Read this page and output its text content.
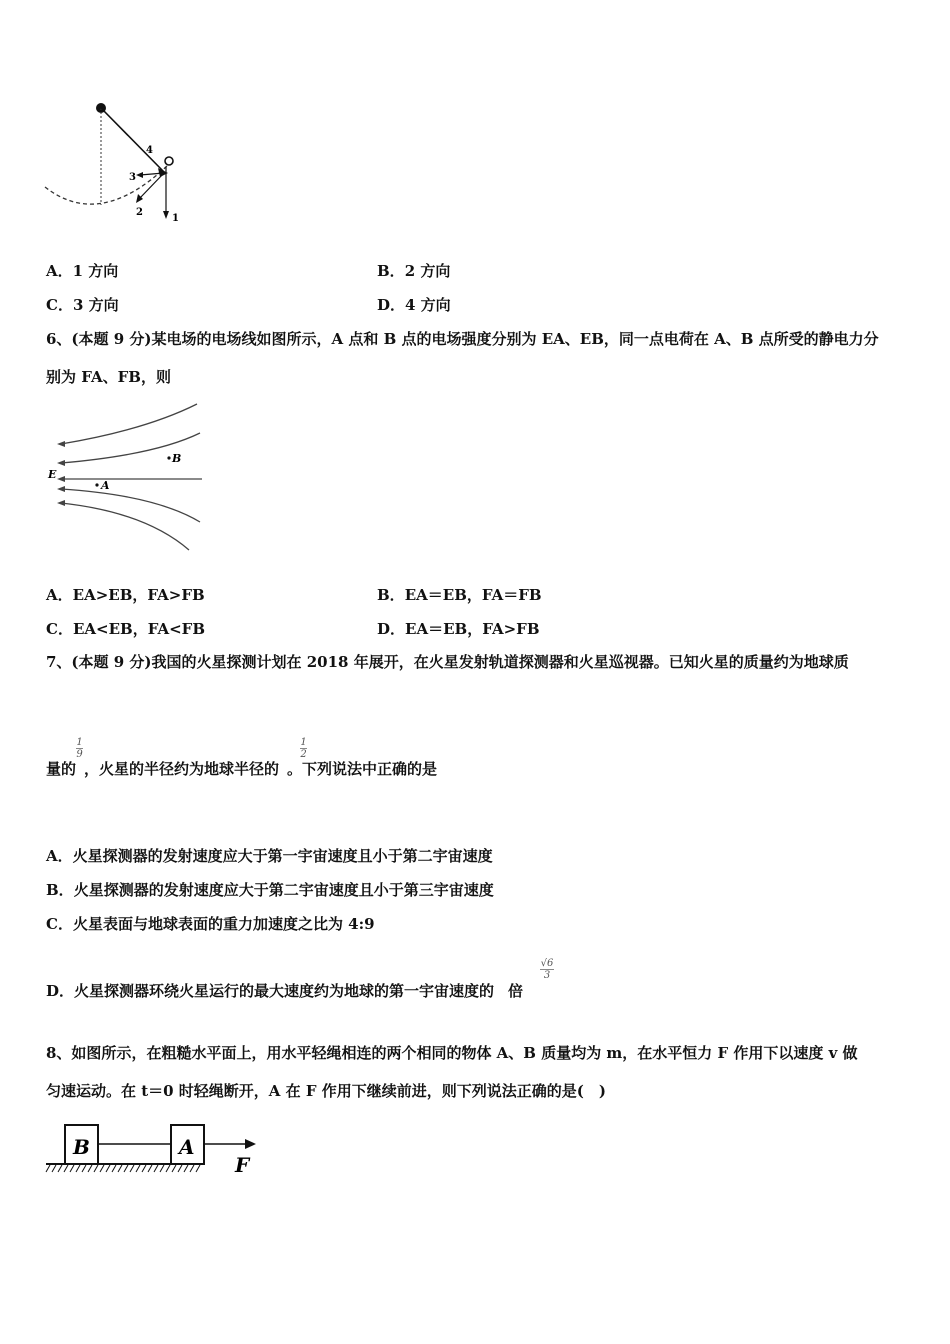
4
3
2
1
A．1 方向	B．2 方向
C．3 方向	D．4 方向
6、(本题 9 分)某电场的电场线如图所示，A 点和 B 点的电场强度分别为 EA、EB，同一点电荷在 A、B 点所受的静电力分
别为 FA、FB，则
E
B
A
A．EA>EB，FA>FB	B．EA＝EB，FA＝FB
C．EA<EB，FA<FB	D．EA＝EB，FA>FB
7、(本题 9 分)我国的火星探测计划在 2018 年展开，在火星发射轨道探测器和火星巡视器。已知火星的质量约为地球质
量的 ，火星的半径约为地球半径的 。下列说法中正确的是
1
9
1
2
A．火星探测器的发射速度应大于第一宇宙速度且小于第二宇宙速度
B．火星探测器的发射速度应大于第二宇宙速度且小于第三宇宙速度
C．火星表面与地球表面的重力加速度之比为 4:9
D．火星探测器环绕火星运行的最大速度约为地球的第一宇宙速度的 倍
√6
3
8、如图所示，在粗糙水平面上，用水平轻绳相连的两个相同的物体 A、B 质量均为 m，在水平恒力 F 作用下以速度 v 做
匀速运动。在 t＝0 时轻绳断开，A 在 F 作用下继续前进，则下列说法正确的是(　)
B	A
F
